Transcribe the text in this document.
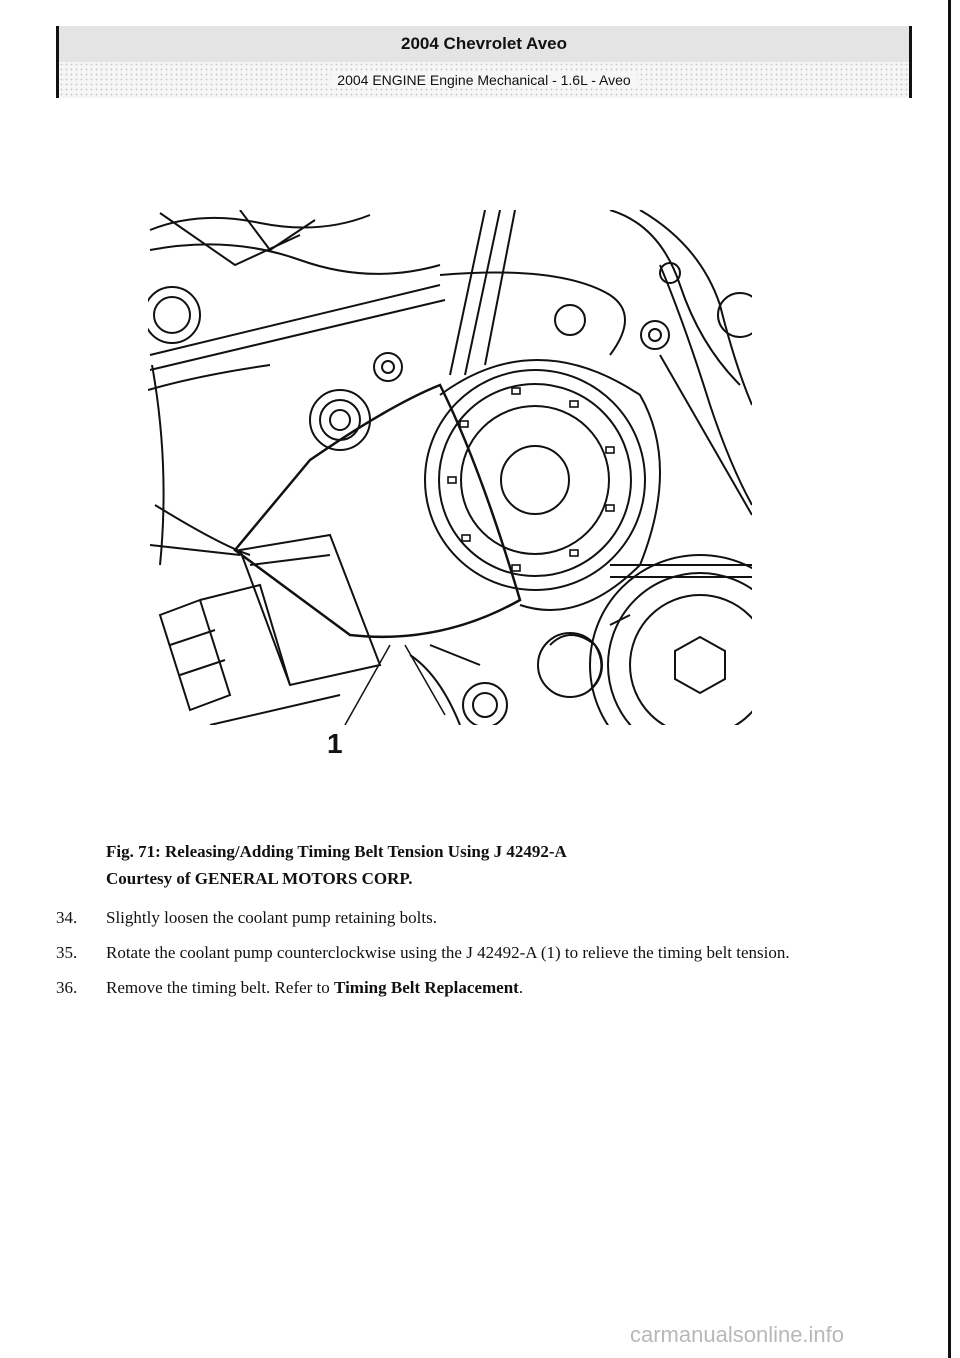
2004 Chevrolet Aveo
2004 ENGINE Engine Mechanical - 1.6L - Aveo
1
Fig. 71: Releasing/Adding Timing Belt Tension Using J 42492-A
Courtesy of GENERAL MOTORS CORP.
34.	Slightly loosen the coolant pump retaining bolts.
35.	Rotate the coolant pump counterclockwise using the J 42492-A (1) to relieve the timing belt tension.
36.	Remove the timing belt. Refer to Timing Belt Replacement.
carmanualsonline.info
